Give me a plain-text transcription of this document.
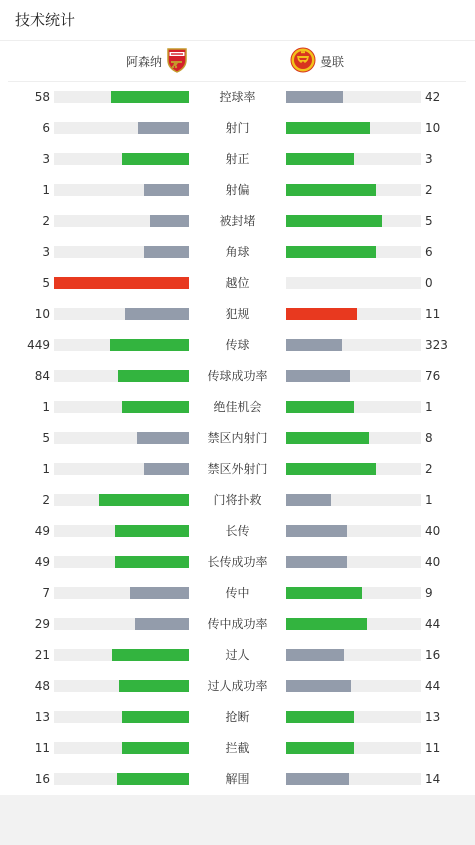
技术统计
阿森纳	曼联
58	控球率	42
6	射门	10
3	射正	3
1	射偏	2
2	被封堵	5
3	角球	6
5	越位	0
10	犯规	11
449	传球	323
84	传球成功率	76
1	绝佳机会	1
5	禁区内射门	8
1	禁区外射门	2
2	门将扑救	1
49	长传	40
49	长传成功率	40
7	传中	9
29	传中成功率	44
21	过人	16
48	过人成功率	44
13	抢断	13
11	拦截	11
16	解围	14
